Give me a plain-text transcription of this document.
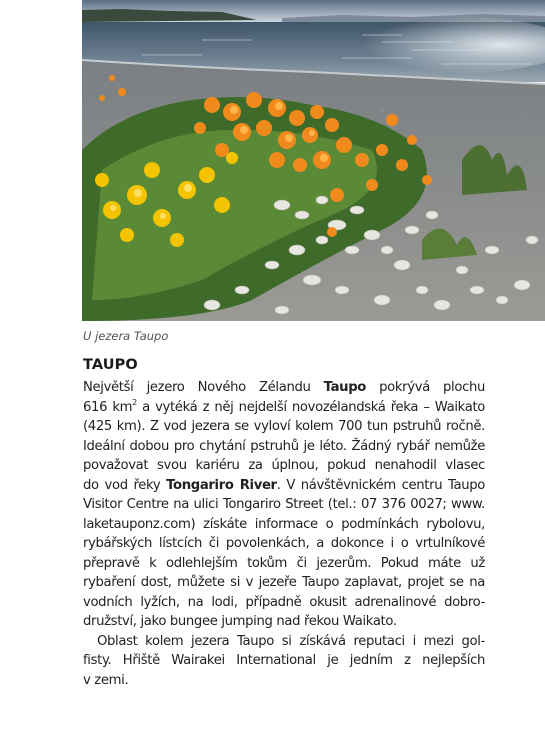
U jezera Taupo
TAUPO
Největší jezero Nového Zélandu Taupo pokrývá plochu
616 $km^2$ a vytéká z něj nejdelší novozélandská řeka – Waikato
(425 km). Z vod jezera se vyloví kolem 700 tun pstruhů ročně.
Ideální dobou pro chytání pstruhů je léto. Žádný rybář nemůže
považovat svou kariéru za úplnou, pokud nenahodil vlasec
do vod řeky Tongariro River. V návštěvnickém centru Taupo
Visitor Centre na ulici Tongariro Street (tel.: 07 376 0027; www.
laketauponz.com) získáte informace o podmínkách rybolovu,
rybářských lístcích či povolenkách, a dokonce i o vrtulníkové
přepravě k odlehlejším tokům či jezerům. Pokud máte už
rybaření dost, můžete si v jezeře Taupo zaplavat, projet se na
vodních lyžích, na lodi, případně okusit adrenalinové dobro-
družství, jako bungee jumping nad řekou Waikato.
Oblast kolem jezera Taupo si získává reputaci i mezi gol-
fisty. Hřiště Wairakei International je jedním z nejlepších
v zemi.
